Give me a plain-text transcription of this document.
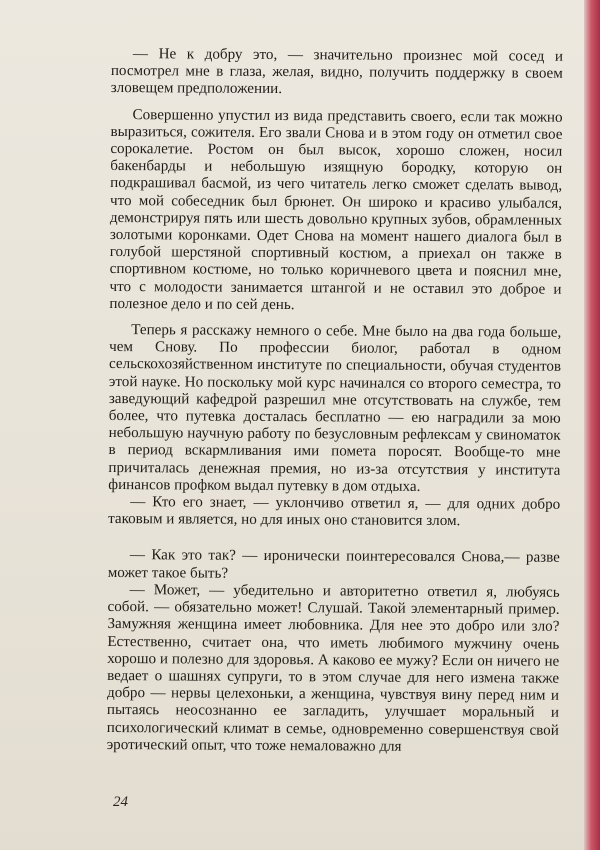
— Не к добру это, — значительно произнес мой сосед и посмотрел мне в глаза, желая, видно, получить поддержку в своем зловещем предположении.

Совершенно упустил из вида представить своего, если так можно выразиться, сожителя. Его звали Снова и в этом году он отметил свое сорокалетие. Ростом он был высок, хорошо сложен, носил бакенбарды и небольшую изящную бородку, которую он подкрашивал басмой, из чего читатель легко сможет сделать вывод, что мой собеседник был брюнет. Он широко и красиво улыбался, демонстрируя пять или шесть довольно крупных зубов, обрамленных золотыми коронками. Одет Снова на момент нашего диалога был в голубой шерстяной спортивный костюм, а приехал он также в спортивном костюме, но только коричневого цвета и пояснил мне, что с молодости занимается штангой и не оставил это доброе и полезное дело и по сей день.

Теперь я расскажу немного о себе. Мне было на два года больше, чем Снову. По профессии биолог, работал в одном сельскохозяйственном институте по специальности, обучая студентов этой науке. Но поскольку мой курс начинался со второго семестра, то заведующий кафедрой разрешил мне отсутствовать на службе, тем более, что путевка досталась бесплатно — ею наградили за мою небольшую научную работу по безусловным рефлексам у свиноматок в период вскармливания ими помета поросят. Вообще-то мне причиталась денежная премия, но из-за отсутствия у института финансов профком выдал путевку в дом отдыха.

— Кто его знает, — уклончиво ответил я, — для одних добро таковым и является, но для иных оно становится злом.

— Как это так? — иронически поинтересовался Снова,— разве может такое быть?

— Может, — убедительно и авторитетно ответил я, любуясь собой. — обязательно может! Слушай. Такой элементарный пример. Замужняя женщина имеет любовника. Для нее это добро или зло? Естественно, считает она, что иметь любимого мужчину очень хорошо и полезно для здоровья. А каково ее мужу? Если он ничего не ведает о шашнях супруги, то в этом случае для него измена также добро — нервы целехоньки, а женщина, чувствуя вину перед ним и пытаясь неосознанно ее загладить, улучшает моральный и психологический климат в семье, одновременно совершенствуя свой эротический опыт, что тоже немаловажно для

24
